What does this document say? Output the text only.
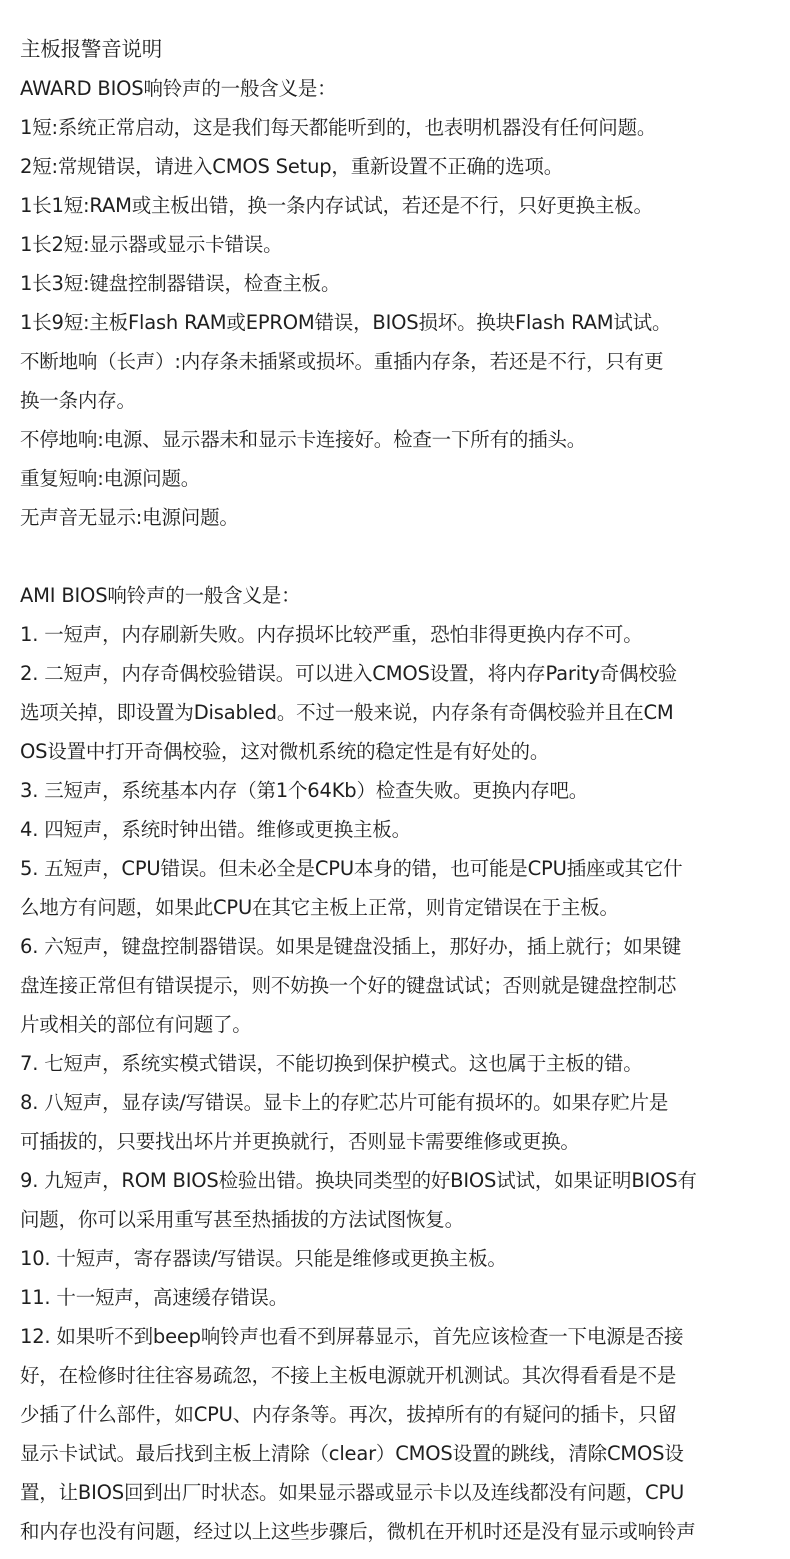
主板报警音说明
AWARD BIOS响铃声的一般含义是：
1短:系统正常启动，这是我们每天都能听到的，也表明机器没有任何问题。
2短:常规错误，请进入CMOS Setup，重新设置不正确的选项。
1长1短:RAM或主板出错，换一条内存试试，若还是不行，只好更换主板。
1长2短:显示器或显示卡错误。
1长3短:键盘控制器错误，检查主板。
1长9短:主板Flash RAM或EPROM错误，BIOS损坏。换块Flash RAM试试。
不断地响（长声）:内存条未插紧或损坏。重插内存条，若还是不行，只有更
换一条内存。
不停地响:电源、显示器未和显示卡连接好。检查一下所有的插头。
重复短响:电源问题。
无声音无显示:电源问题。
AMI BIOS响铃声的一般含义是：
1. 一短声，内存刷新失败。内存损坏比较严重，恐怕非得更换内存不可。
2. 二短声，内存奇偶校验错误。可以进入CMOS设置，将内存Parity奇偶校验
选项关掉，即设置为Disabled。不过一般来说，内存条有奇偶校验并且在CM
OS设置中打开奇偶校验，这对微机系统的稳定性是有好处的。
3. 三短声，系统基本内存（第1个64Kb）检查失败。更换内存吧。
4. 四短声，系统时钟出错。维修或更换主板。
5. 五短声，CPU错误。但未必全是CPU本身的错，也可能是CPU插座或其它什
么地方有问题，如果此CPU在其它主板上正常，则肯定错误在于主板。
6. 六短声，键盘控制器错误。如果是键盘没插上，那好办，插上就行；如果键
盘连接正常但有错误提示，则不妨换一个好的键盘试试；否则就是键盘控制芯
片或相关的部位有问题了。
7. 七短声，系统实模式错误，不能切换到保护模式。这也属于主板的错。
8. 八短声，显存读/写错误。显卡上的存贮芯片可能有损坏的。如果存贮片是
可插拔的，只要找出坏片并更换就行，否则显卡需要维修或更换。
9. 九短声，ROM BIOS检验出错。换块同类型的好BIOS试试，如果证明BIOS有
问题，你可以采用重写甚至热插拔的方法试图恢复。
10. 十短声，寄存器读/写错误。只能是维修或更换主板。
11. 十一短声，高速缓存错误。
12. 如果听不到beep响铃声也看不到屏幕显示，首先应该检查一下电源是否接
好，在检修时往往容易疏忽，不接上主板电源就开机测试。其次得看看是不是
少插了什么部件，如CPU、内存条等。再次，拔掉所有的有疑问的插卡，只留
显示卡试试。最后找到主板上清除（clear）CMOS设置的跳线，清除CMOS设
置，让BIOS回到出厂时状态。如果显示器或显示卡以及连线都没有问题，CPU
和内存也没有问题，经过以上这些步骤后，微机在开机时还是没有显示或响铃声
